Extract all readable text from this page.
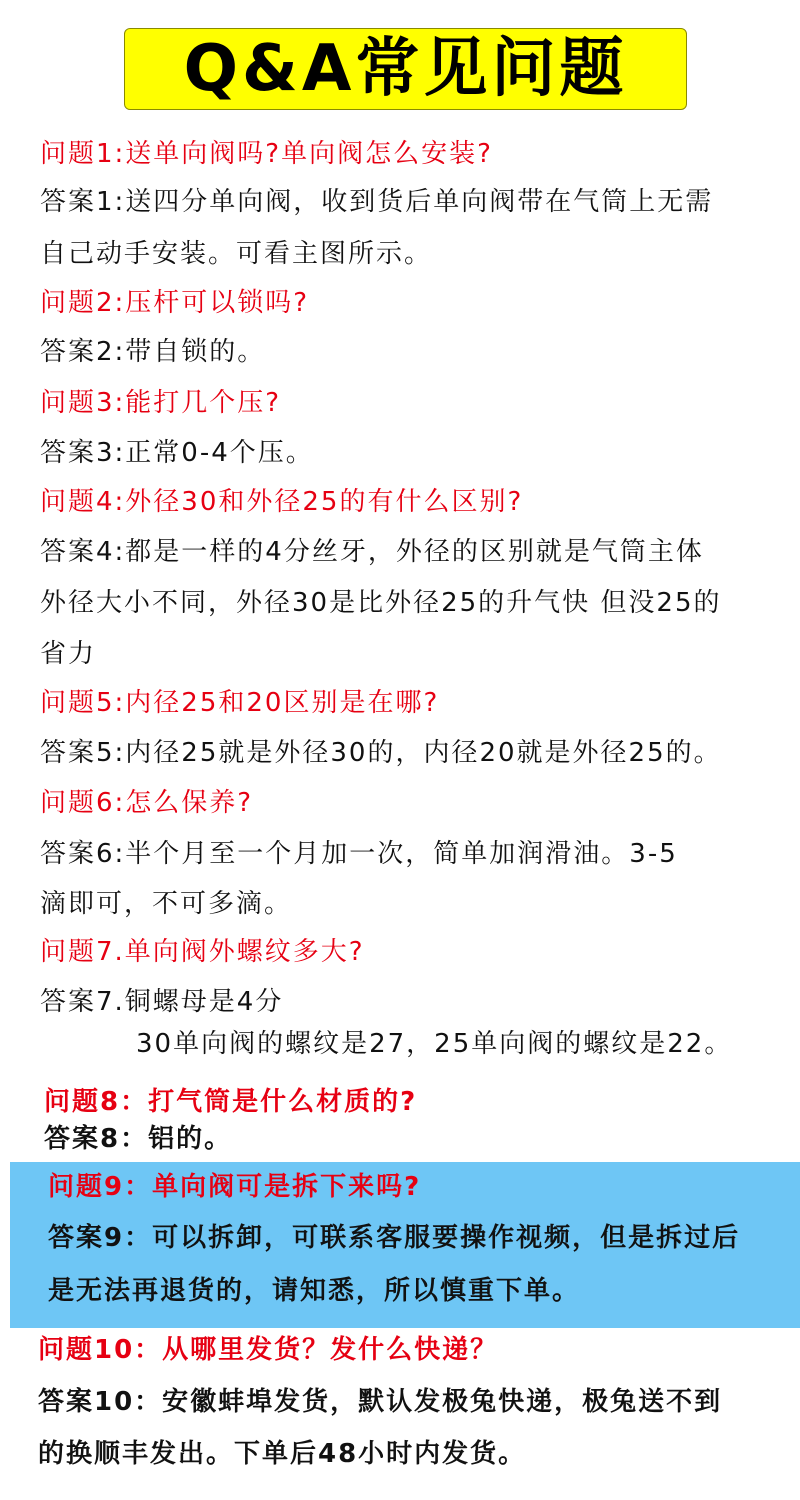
Q&A常见问题
问题1:送单向阀吗?单向阀怎么安装?
答案1:送四分单向阀，收到货后单向阀带在气筒上无需
自己动手安装。可看主图所示。
问题2:压杆可以锁吗?
答案2:带自锁的。
问题3:能打几个压?
答案3:正常0-4个压。
问题4:外径30和外径25的有什么区别?
答案4:都是一样的4分丝牙，外径的区别就是气筒主体
外径大小不同，外径30是比外径25的升气快 但没25的
省力
问题5:内径25和20区别是在哪?
答案5:内径25就是外径30的，内径20就是外径25的。
问题6:怎么保养?
答案6:半个月至一个月加一次，简单加润滑油。3-5
滴即可，不可多滴。
问题7.单向阀外螺纹多大?
答案7.铜螺母是4分
30单向阀的螺纹是27，25单向阀的螺纹是22。
问题8：打气筒是什么材质的?
答案8：铝的。
问题9：单向阀可是拆下来吗?
答案9：可以拆卸，可联系客服要操作视频，但是拆过后
是无法再退货的，请知悉，所以慎重下单。
问题10：从哪里发货？发什么快递？
答案10：安徽蚌埠发货，默认发极兔快递，极兔送不到
的换顺丰发出。下单后48小时内发货。
